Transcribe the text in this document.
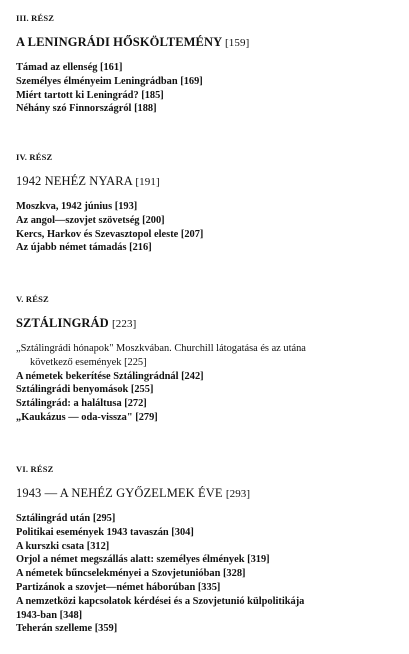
III. RÉSZ

A LENINGRÁDI HŐSKÖLTEMÉNY [159]

Támad az ellenség [161]
Személyes élményeim Leningrádban [169]
Miért tartott ki Leningrád? [185]
Néhány szó Finnországról [188]

IV. RÉSZ

1942 NEHÉZ NYARA [191]

Moszkva, 1942 június [193]
Az angol—szovjet szövetség [200]
Kercs, Harkov és Szevasztopol eleste [207]
Az újabb német támadás [216]

V. RÉSZ

SZTÁLINGRÁD [223]

„Sztálingrádi hónapok" Moszkvában. Churchill látogatása és az utána
következő események [225]
A németek bekerítése Sztálingrádnál [242]
Sztálingrádi benyomások [255]
Sztálingrád: a haláltusa [272]
„Kaukázus — oda-vissza" [279]

VI. RÉSZ

1943 — A NEHÉZ GYŐZELMEK ÉVE [293]

Sztálingrád után [295]
Politikai események 1943 tavaszán [304]
A kurszki csata [312]
Orjol a német megszállás alatt: személyes élmények [319]
A németek bűncselekményei a Szovjetunióban [328]
Partizánok a szovjet—német háborúban [335]
A nemzetközi kapcsolatok kérdései és a Szovjetunió külpolitikája
1943-ban [348]
Teherán szelleme [359]
